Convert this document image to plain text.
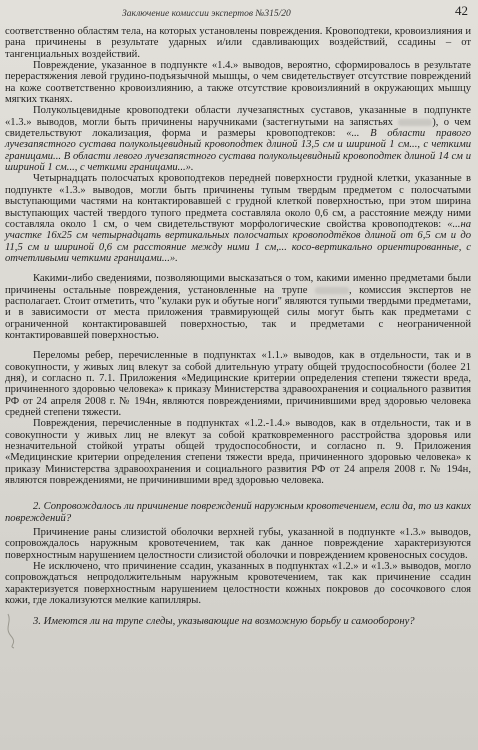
Заключение комиссии экспертов №315/20	42

соответственно областям тела, на которых установлены повреждения. Кровоподтеки, кровоизлияния и рана причинены в результате ударных и/или сдавливающих воздействий, ссадины – от тангенциальных воздействий.

Повреждение, указанное в подпункте «1.4.» выводов, вероятно, сформировалось в результате перерастяжения левой грудино-подъязычной мышцы, о чем свидетельствует отсутствие повреждений на коже соответственно кровоизлиянию, а также отсутствие кровоизлияний в окружающих мышцу мягких тканях.

Полукольцевидные кровоподтеки области лучезапястных суставов, указанные в подпункте «1.3.» выводов, могли быть причинены наручниками (застегнутыми на запястьях	), о чем свидетельствуют локализация, форма и размеры кровоподтеков: «... В области правого лучезапястного сустава полукольцевидный кровоподтек длиной 13,5 см и шириной 1 см..., с четкими границами... В области левого лучезапястного сустава полукольцевидный кровоподтек длиной 14 см и шириной 1 см..., с четкими границами...».

Четырнадцать полосчатых кровоподтеков передней поверхности грудной клетки, указанные в подпункте «1.3.» выводов, могли быть причинены тупым твердым предметом с полосчатыми выступающими частями на контактировавшей с грудной клеткой поверхностью, при этом ширина выступающих частей твердого тупого предмета составляла около 0,6 см, а расстояние между ними составляла около 1 см, о чем свидетельствуют морфологические свойства кровоподтеков: «...на участке 16х25 см четырнадцать вертикальных полосчатых кровоподтёков длиной от 6,5 см и до 11,5 см и шириной 0,6 см расстояние между ними 1 см,... косо-вертикально ориентированные, с отчетливыми четкими границами...».

Какими-либо сведениями, позволяющими высказаться о том, какими именно предметами были причинены остальные повреждения, установленные на трупе	, комиссия экспертов не располагает. Стоит отметить, что "кулаки рук и обутые ноги" являются тупыми твердыми предметами, и в зависимости от места приложения травмирующей силы могут быть как предметами с ограниченной контактировавшей поверхностью, так и предметами с неограниченной контактировавшей поверхностью.

Переломы ребер, перечисленные в подпунктах «1.1.» выводов, как в отдельности, так и в совокупности, у живых лиц влекут за собой длительную утрату общей трудоспособности (более 21 дня), и согласно п. 7.1. Приложения «Медицинские критерии определения степени тяжести вреда, причиненного здоровью человека» к приказу Министерства здравоохранения и социального развития РФ от 24 апреля 2008 г. № 194н, являются повреждениями, причинившими вред здоровью человека средней степени тяжести.

Повреждения, перечисленные в подпунктах «1.2.-1.4.» выводов, как в отдельности, так и в совокупности у живых лиц не влекут за собой кратковременного расстройства здоровья или незначительной стойкой утраты общей трудоспособности, и согласно п. 9. Приложения «Медицинские критерии определения степени тяжести вреда, причиненного здоровью человека» к приказу Министерства здравоохранения и социального развития РФ от 24 апреля 2008 г. № 194н, являются повреждениями, не причинившими вред здоровью человека.

2. Сопровождалось ли причинение повреждений наружным кровотечением, если да, то из каких повреждений?

Причинение раны слизистой оболочки верхней губы, указанной в подпункте «1.3.» выводов, сопровождалось наружным кровотечением, так как данное повреждение характеризуются поверхностным нарушением целостности слизистой оболочки и повреждением кровеносных сосудов.

Не исключено, что причинение ссадин, указанных в подпунктах «1.2.» и «1.3.» выводов, могло сопровождаться непродолжительным наружным кровотечением, так как причинение ссадин характеризуется поверхностным нарушением целостности кожных покровов до сосочкового слоя кожи, где локализуются мелкие капилляры.

3. Имеются ли на трупе следы, указывающие на возможную борьбу и самооборону?
